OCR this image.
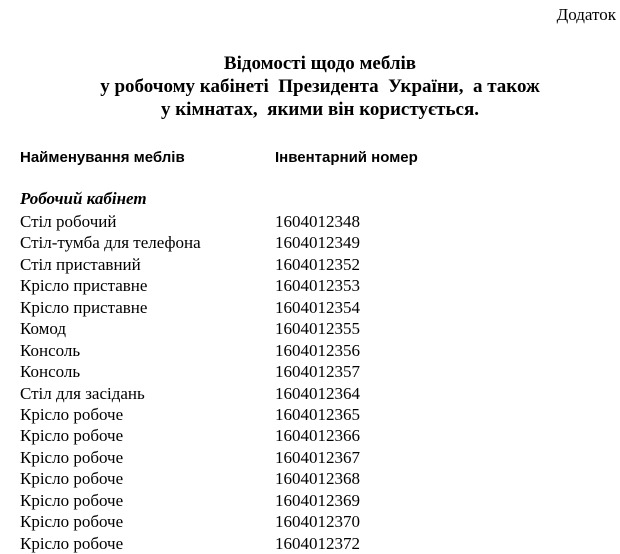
Додаток
Відомості щодо меблів
у робочому кабінеті  Президента  України,  а також
у кімнатах,  якими він користується.
Найменування меблів	Інвентарний номер
Робочий кабінет
Стіл робочий	1604012348
Стіл-тумба для телефона	1604012349
Стіл приставний	1604012352
Крісло приставне	1604012353
Крісло приставне	1604012354
Комод	1604012355
Консоль	1604012356
Консоль	1604012357
Стіл для засідань	1604012364
Крісло робоче	1604012365
Крісло робоче	1604012366
Крісло робоче	1604012367
Крісло робоче	1604012368
Крісло робоче	1604012369
Крісло робоче	1604012370
Крісло робоче	1604012372
